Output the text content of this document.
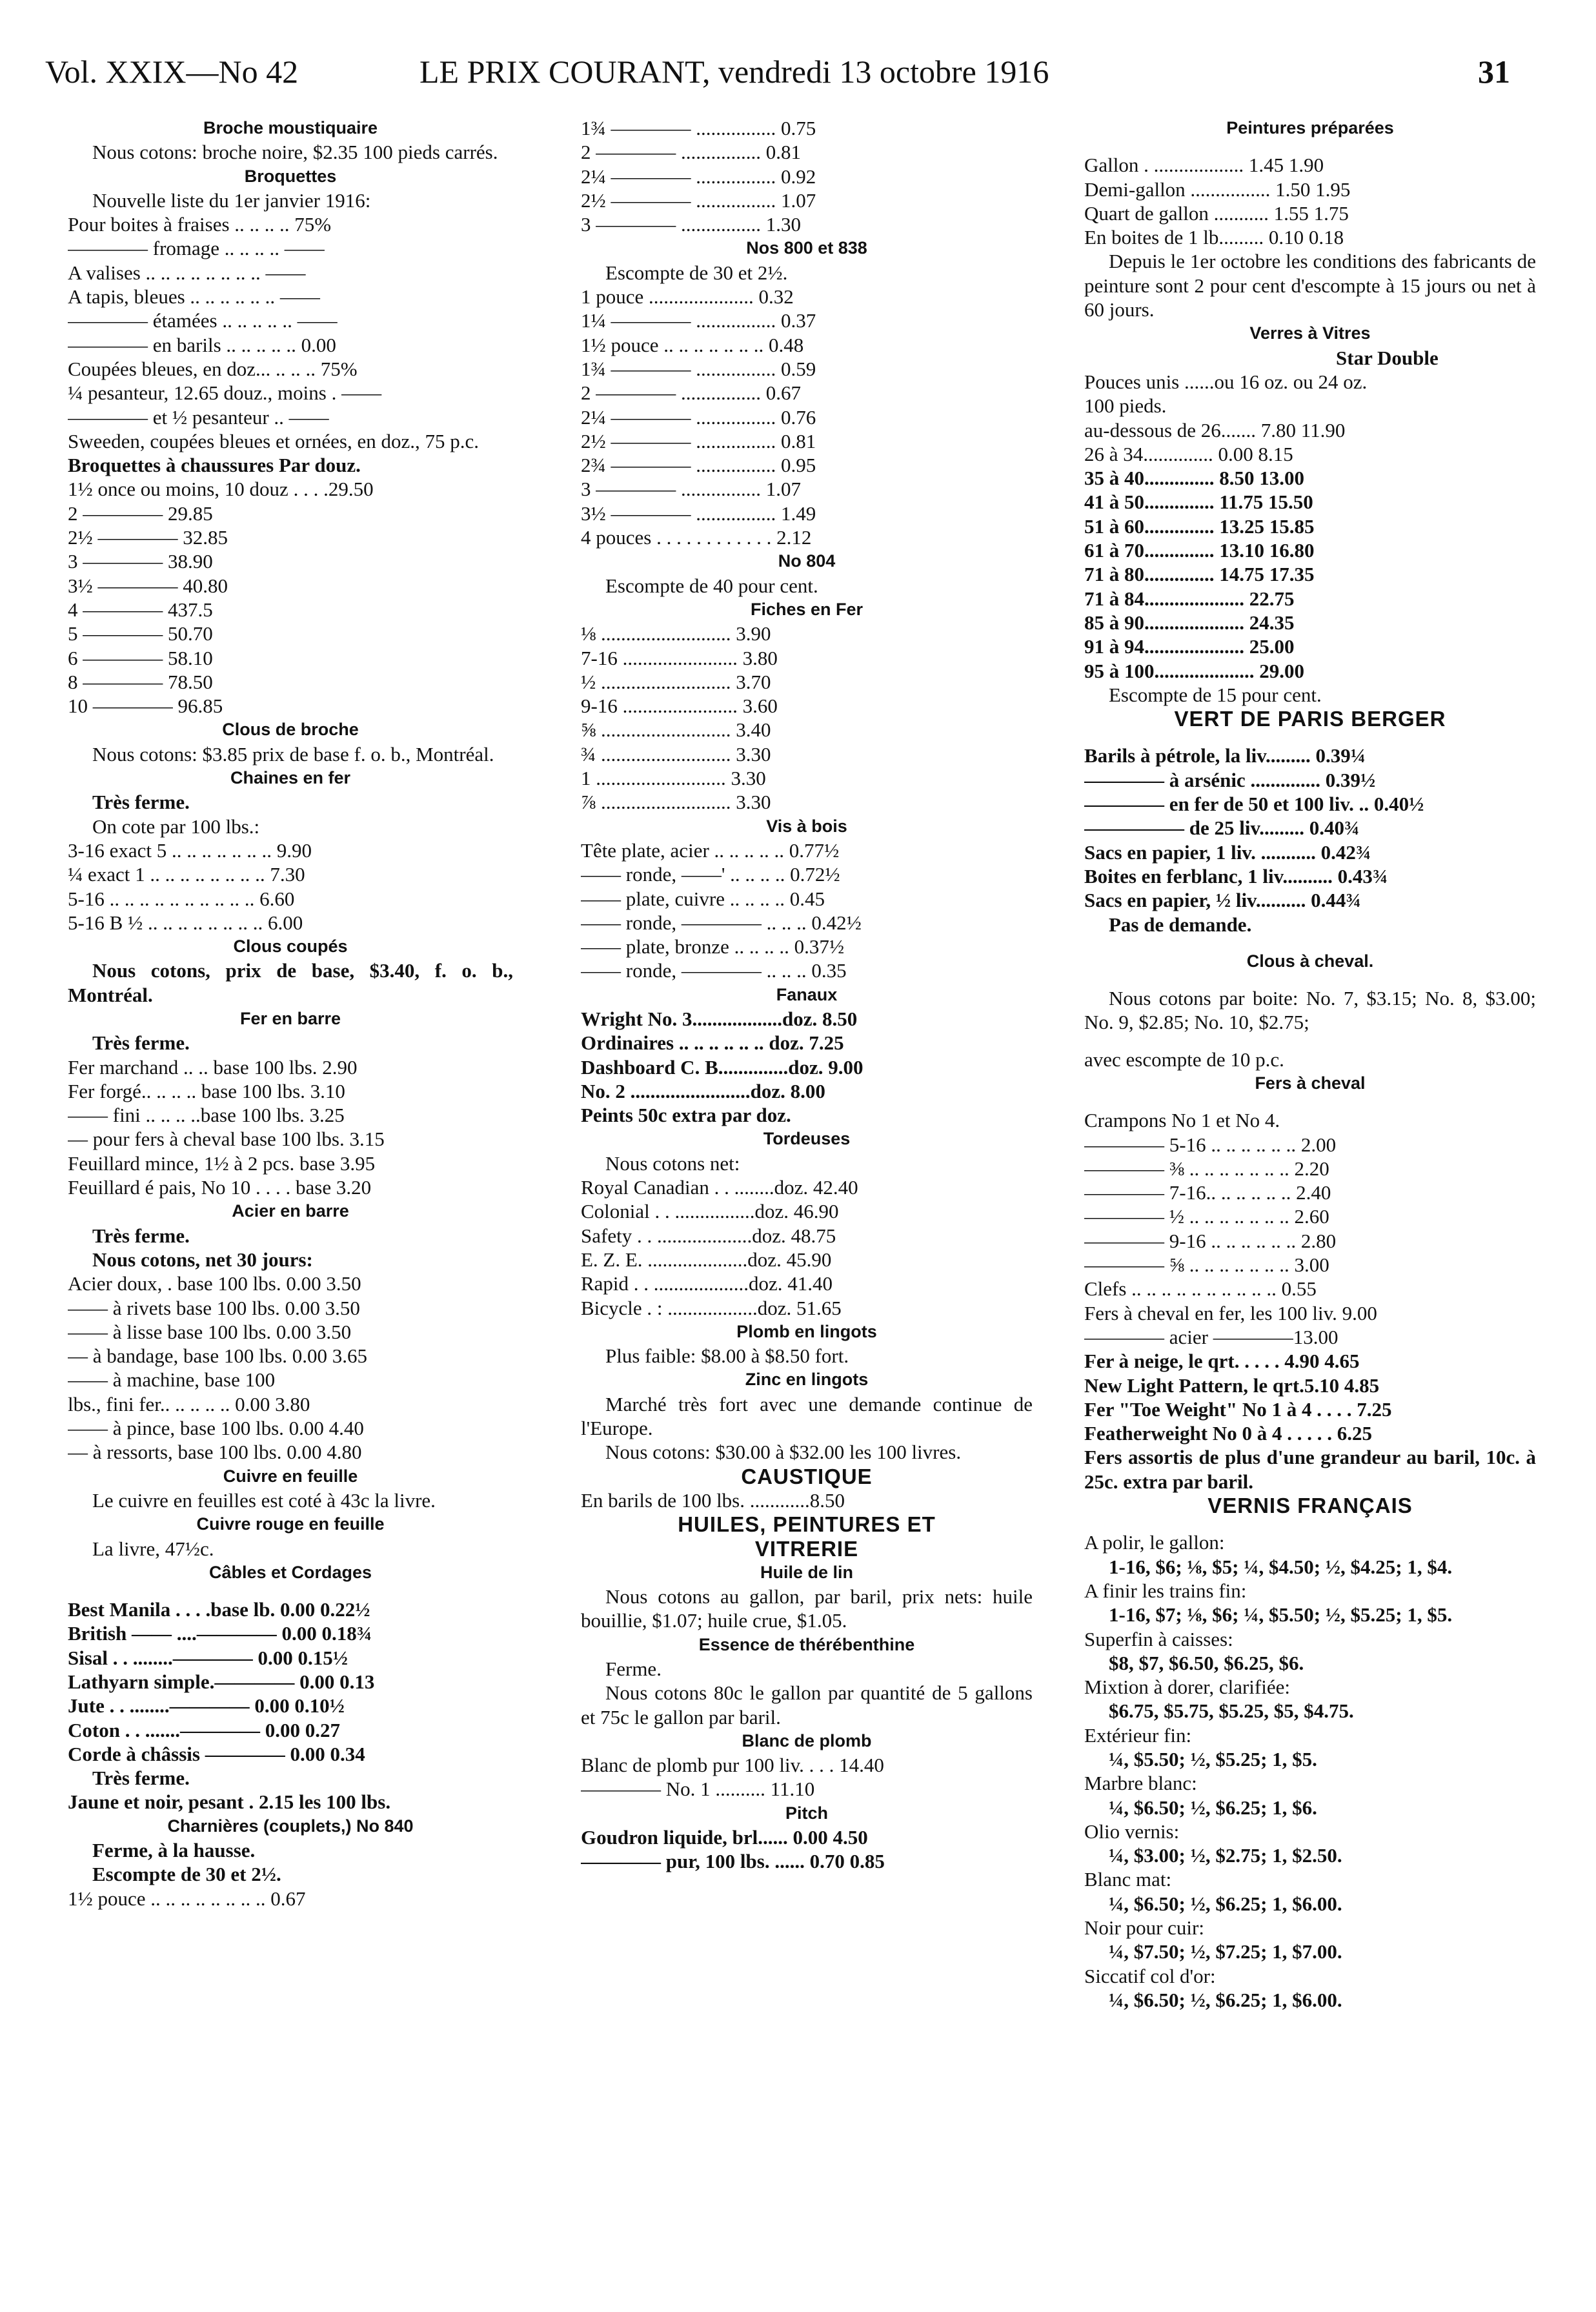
Vol. XXIX—No 42	LE PRIX COURANT, vendredi 13 octobre 1916	31
Broche moustiquaire
Nous cotons: broche noire, $2.35 100 pieds carrés.
Broquettes
Nouvelle liste du 1er janvier 1916:
Pour boites à fraises .. .. .. .. 75%
———— fromage .. .. .. .. ——
A valises .. .. .. .. .. .. .. .. ——
A tapis, bleues .. .. .. .. .. .. ——
———— étamées .. .. .. .. .. ——
———— en barils .. .. .. .. .. 0.00
Coupées bleues, en doz... .. .. .. 75%
¼ pesanteur, 12.65 douz., moins . ——
———— et ½ pesanteur .. ——
Sweeden, coupées bleues et ornées, en doz., 75 p.c.
Broquettes à chaussures Par douz.
1½ once ou moins, 10 douz . . . .29.50
2 ———— 29.85
2½ ———— 32.85
3 ———— 38.90
3½ ———— 40.80
4 ———— 437.5
5 ———— 50.70
6 ———— 58.10
8 ———— 78.50
10 ———— 96.85
Clous de broche
Nous cotons: $3.85 prix de base f. o. b., Montréal.
Chaines en fer
Très ferme.
On cote par 100 lbs.:
3-16 exact 5 .. .. .. .. .. .. .. 9.90
¼ exact 1 .. .. .. .. .. .. .. .. 7.30
5-16 .. .. .. .. .. .. .. .. .. .. 6.60
5-16 B ½ .. .. .. .. .. .. .. .. 6.00
Clous coupés
Nous cotons, prix de base, $3.40, f. o. b., Montréal.
Fer en barre
Très ferme.
Fer marchand .. .. base 100 lbs. 2.90
Fer forgé.. .. .. .. base 100 lbs. 3.10
—— fini .. .. .. ..base 100 lbs. 3.25
— pour fers à cheval base 100 lbs. 3.15
Feuillard mince, 1½ à 2 pcs. base 3.95
Feuillard é pais, No 10 . . . . base 3.20
Acier en barre
Très ferme.
Nous cotons, net 30 jours:
Acier doux, . base 100 lbs. 0.00 3.50
—— à rivets base 100 lbs. 0.00 3.50
—— à lisse base 100 lbs. 0.00 3.50
— à bandage, base 100 lbs. 0.00 3.65
—— à machine, base 100
lbs., fini fer.. .. .. .. .. 0.00 3.80
—— à pince, base 100 lbs. 0.00 4.40
— à ressorts, base 100 lbs. 0.00 4.80
Cuivre en feuille
Le cuivre en feuilles est coté à 43c la livre.
Cuivre rouge en feuille
La livre, 47½c.
Câbles et Cordages
Best Manila . . . .base lb. 0.00 0.22½
British —— ....———— 0.00 0.18¾
Sisal . . ........———— 0.00 0.15½
Lathyarn simple.———— 0.00 0.13
Jute . . ........———— 0.00 0.10½
Coton . . .......———— 0.00 0.27
Corde à châssis ———— 0.00 0.34
Très ferme.
Jaune et noir, pesant . 2.15 les 100 lbs.
Charnières (couplets,) No 840
Ferme, à la hausse.
Escompte de 30 et 2½.
1½ pouce .. .. .. .. .. .. .. .. 0.67
1¾ ———— ................ 0.75
2 ———— ................ 0.81
2¼ ———— ................ 0.92
2½ ———— ................ 1.07
3 ———— ................ 1.30
Nos 800 et 838
Escompte de 30 et 2½.
1 pouce ..................... 0.32
1¼ ———— ................ 0.37
1½ pouce .. .. .. .. .. .. .. 0.48
1¾ ———— ................ 0.59
2 ———— ................ 0.67
2¼ ———— ................ 0.76
2½ ———— ................ 0.81
2¾ ———— ................ 0.95
3 ———— ................ 1.07
3½ ———— ................ 1.49
4 pouces . . . . . . . . . . . . 2.12
No 804
Escompte de 40 pour cent.
Fiches en Fer
⅛ .......................... 3.90
7-16 ....................... 3.80
½ .......................... 3.70
9-16 ....................... 3.60
⅝ .......................... 3.40
¾ .......................... 3.30
1 .......................... 3.30
⅞ .......................... 3.30
Vis à bois
Tête plate, acier .. .. .. .. .. 0.77½
—— ronde, ——' .. .. .. .. 0.72½
—— plate, cuivre .. .. .. .. 0.45
—— ronde, ———— .. .. .. 0.42½
—— plate, bronze .. .. .. .. 0.37½
—— ronde, ———— .. .. .. 0.35
Fanaux
Wright No. 3..................doz. 8.50
Ordinaires .. .. .. .. .. .. doz. 7.25
Dashboard C. B..............doz. 9.00
No. 2 ........................doz. 8.00
Peints 50c extra par doz.
Tordeuses
Nous cotons net:
Royal Canadian . . ........doz. 42.40
Colonial . . ................doz. 46.90
Safety . . ...................doz. 48.75
E. Z. E. ....................doz. 45.90
Rapid . . ...................doz. 41.40
Bicycle . : ..................doz. 51.65
Plomb en lingots
Plus faible: $8.00 à $8.50 fort.
Zinc en lingots
Marché très fort avec une demande continue de l'Europe.
Nous cotons: $30.00 à $32.00 les 100 livres.
CAUSTIQUE
En barils de 100 lbs. ............8.50
HUILES, PEINTURES ET
VITRERIE
Huile de lin
Nous cotons au gallon, par baril, prix nets: huile bouillie, $1.07; huile crue, $1.05.
Essence de thérébenthine
Ferme.
Nous cotons 80c le gallon par quantité de 5 gallons et 75c le gallon par baril.
Blanc de plomb
Blanc de plomb pur 100 liv. . . . 14.40
———— No. 1 .......... 11.10
Pitch
Goudron liquide, brl...... 0.00 4.50
———— pur, 100 lbs. ...... 0.70 0.85
Peintures préparées
Gallon . .................. 1.45 1.90
Demi-gallon ................ 1.50 1.95
Quart de gallon ........... 1.55 1.75
En boites de 1 lb......... 0.10 0.18
Depuis le 1er octobre les conditions des fabricants de peinture sont 2 pour cent d'escompte à 15 jours ou net à 60 jours.
Verres à Vitres
Star Double
Pouces unis ......ou 16 oz. ou 24 oz.
100 pieds.
au-dessous de 26....... 7.80 11.90
26 à 34.............. 0.00 8.15
35 à 40.............. 8.50 13.00
41 à 50.............. 11.75 15.50
51 à 60.............. 13.25 15.85
61 à 70.............. 13.10 16.80
71 à 80.............. 14.75 17.35
71 à 84.................... 22.75
85 à 90.................... 24.35
91 à 94.................... 25.00
95 à 100.................... 29.00
Escompte de 15 pour cent.
VERT DE PARIS BERGER
Barils à pétrole, la liv......... 0.39¼
———— à arsénic .............. 0.39½
———— en fer de 50 et 100 liv. .. 0.40½
————— de 25 liv......... 0.40¾
Sacs en papier, 1 liv. ........... 0.42¾
Boites en ferblanc, 1 liv.......... 0.43¾
Sacs en papier, ½ liv.......... 0.44¾
Pas de demande.
Clous à cheval.
Nous cotons par boite: No. 7, $3.15; No. 8, $3.00; No. 9, $2.85; No. 10, $2.75;
avec escompte de 10 p.c.
Fers à cheval
Crampons No 1 et No 4.
———— 5-16 .. .. .. .. .. .. 2.00
———— ⅜ .. .. .. .. .. .. .. 2.20
———— 7-16.. .. .. .. .. .. 2.40
———— ½ .. .. .. .. .. .. .. 2.60
———— 9-16 .. .. .. .. .. .. 2.80
———— ⅝ .. .. .. .. .. .. .. 3.00
Clefs .. .. .. .. .. .. .. .. .. .. 0.55
Fers à cheval en fer, les 100 liv. 9.00
———— acier ————13.00
Fer à neige, le qrt. . . . . 4.90 4.65
New Light Pattern, le qrt.5.10 4.85
Fer "Toe Weight" No 1 à 4 . . . . 7.25
Featherweight No 0 à 4 . . . . . 6.25
Fers assortis de plus d'une grandeur au baril, 10c. à 25c. extra par baril.
VERNIS FRANÇAIS
A polir, le gallon:
1-16, $6; ⅛, $5; ¼, $4.50; ½, $4.25; 1, $4.
A finir les trains fin:
1-16, $7; ⅛, $6; ¼, $5.50; ½, $5.25; 1, $5.
Superfin à caisses:
$8, $7, $6.50, $6.25, $6.
Mixtion à dorer, clarifiée:
$6.75, $5.75, $5.25, $5, $4.75.
Extérieur fin:
¼, $5.50; ½, $5.25; 1, $5.
Marbre blanc:
¼, $6.50; ½, $6.25; 1, $6.
Olio vernis:
¼, $3.00; ½, $2.75; 1, $2.50.
Blanc mat:
¼, $6.50; ½, $6.25; 1, $6.00.
Noir pour cuir:
¼, $7.50; ½, $7.25; 1, $7.00.
Siccatif col d'or:
¼, $6.50; ½, $6.25; 1, $6.00.
